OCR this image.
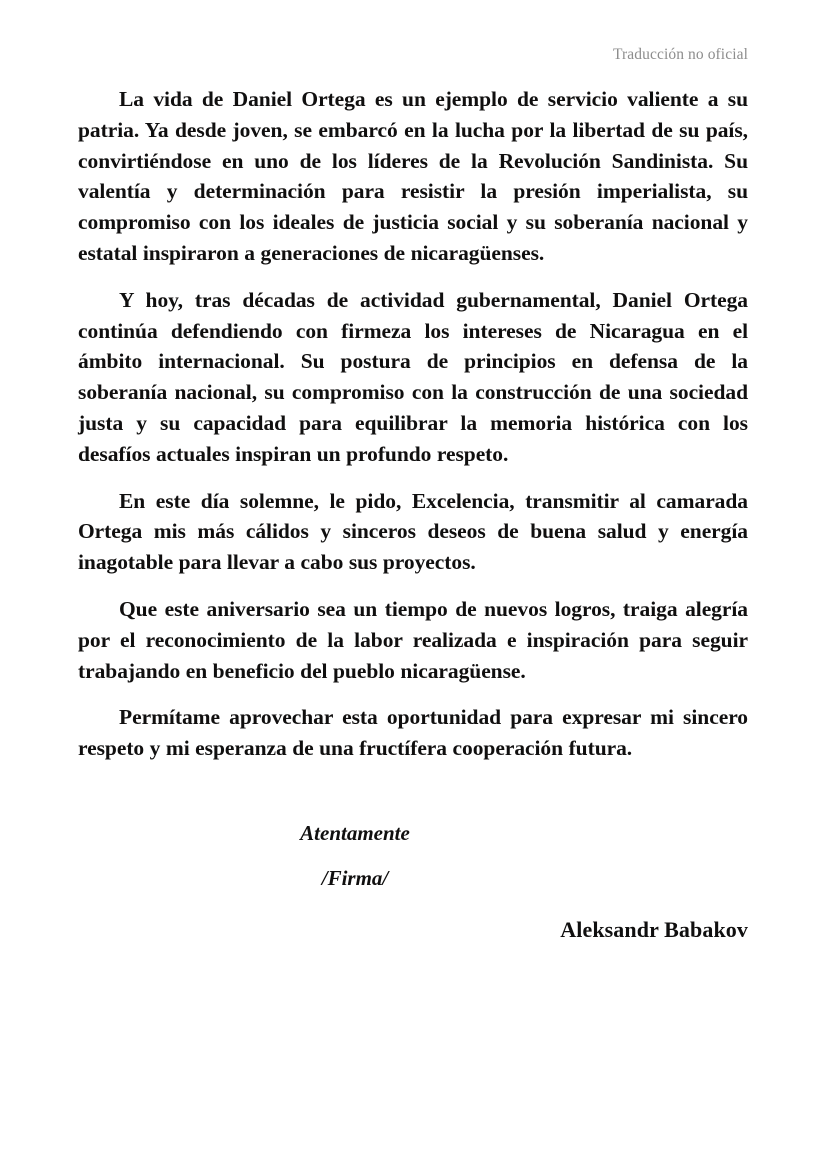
Traducción no oficial

La vida de Daniel Ortega es un ejemplo de servicio valiente a su patria. Ya desde joven, se embarcó en la lucha por la libertad de su país, convirtiéndose en uno de los líderes de la Revolución Sandinista. Su valentía y determinación para resistir la presión imperialista, su compromiso con los ideales de justicia social y su soberanía nacional y estatal inspiraron a generaciones de nicaragüenses.

Y hoy, tras décadas de actividad gubernamental, Daniel Ortega continúa defendiendo con firmeza los intereses de Nicaragua en el ámbito internacional. Su postura de principios en defensa de la soberanía nacional, su compromiso con la construcción de una sociedad justa y su capacidad para equilibrar la memoria histórica con los desafíos actuales inspiran un profundo respeto.

En este día solemne, le pido, Excelencia, transmitir al camarada Ortega mis más cálidos y sinceros deseos de buena salud y energía inagotable para llevar a cabo sus proyectos.

Que este aniversario sea un tiempo de nuevos logros, traiga alegría por el reconocimiento de la labor realizada e inspiración para seguir trabajando en beneficio del pueblo nicaragüense.

Permítame aprovechar esta oportunidad para expresar mi sincero respeto y mi esperanza de una fructífera cooperación futura.

Atentamente
/Firma/
Aleksandr Babakov
